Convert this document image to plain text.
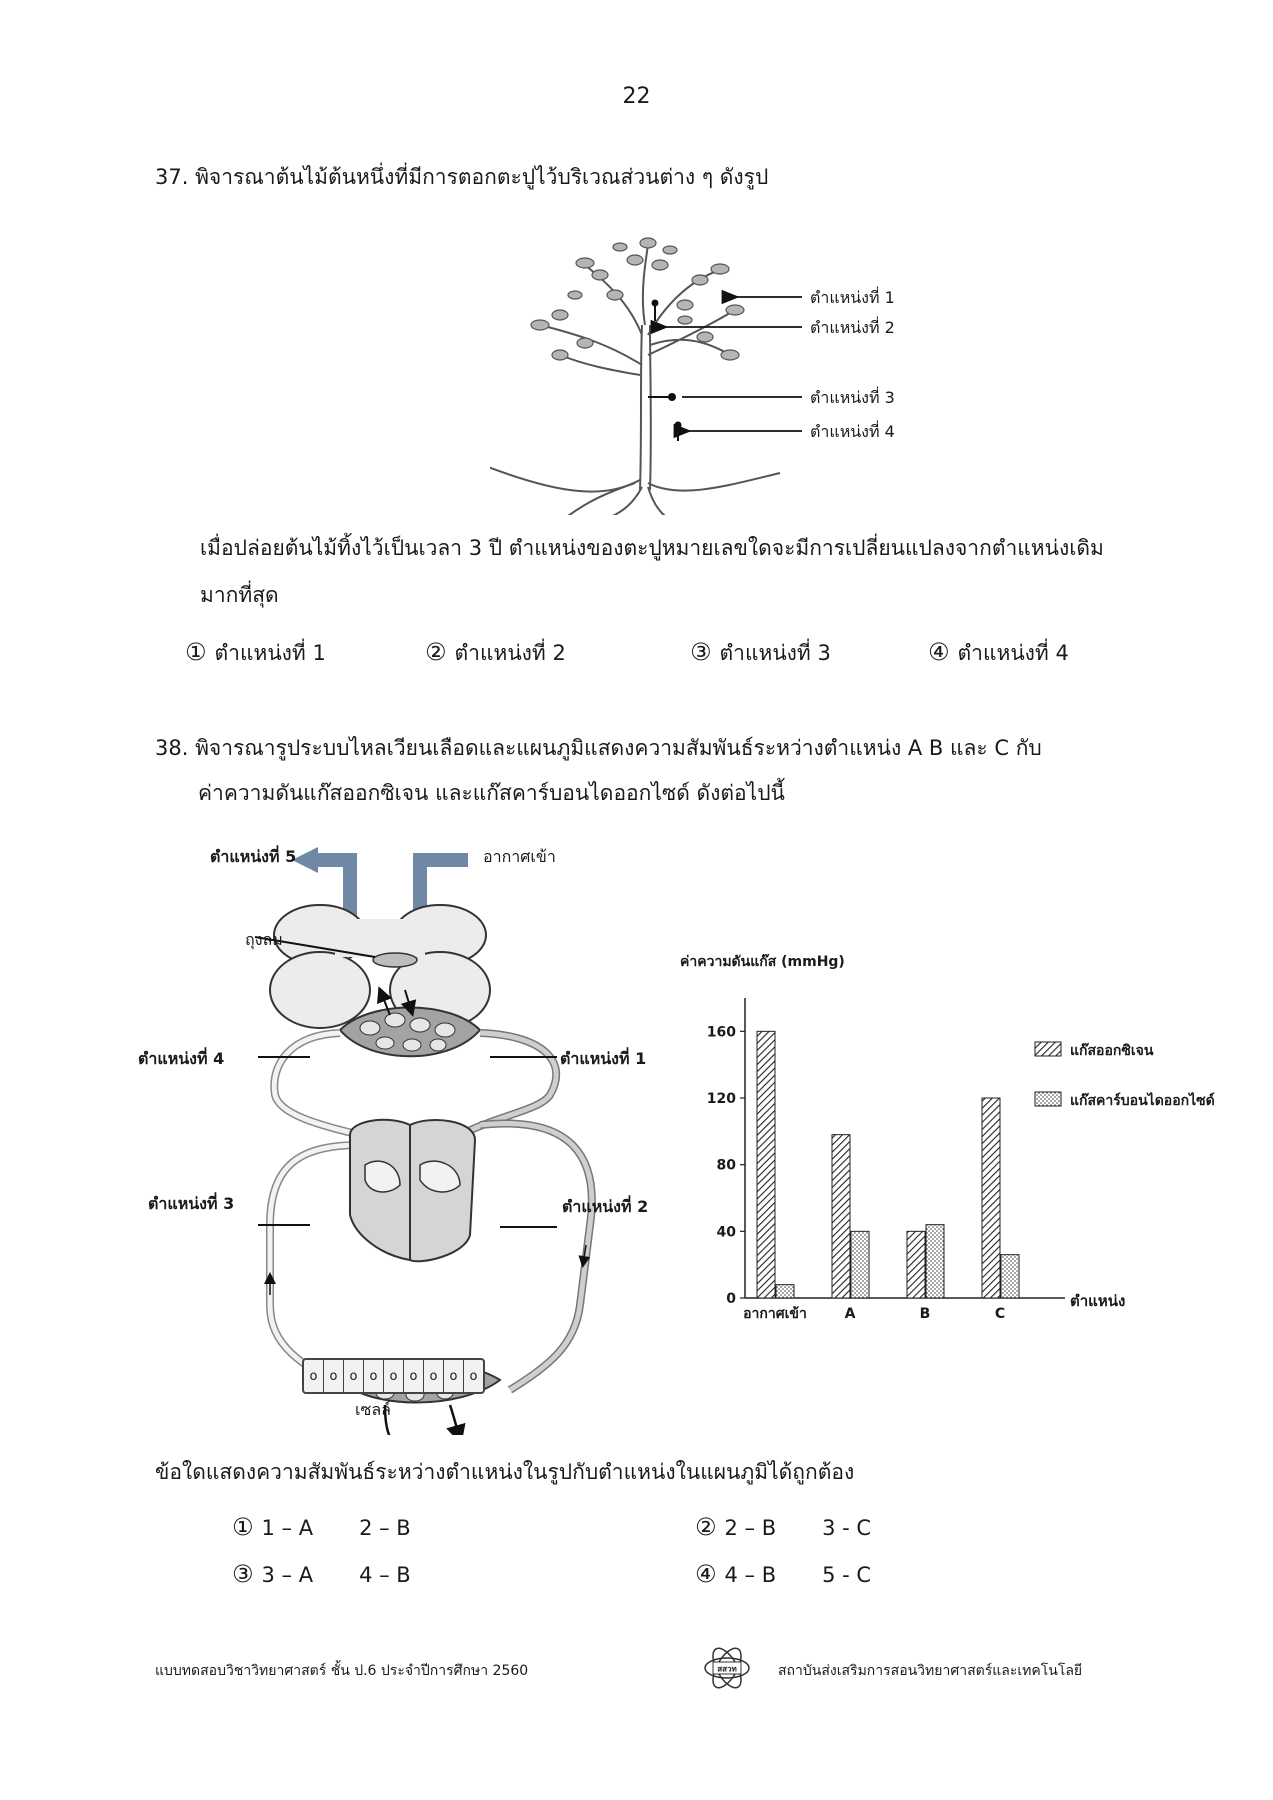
22
37. พิจารณาต้นไม้ต้นหนึ่งที่มีการตอกตะปูไว้บริเวณส่วนต่าง ๆ ดังรูป
ตำแหน่งที่ 1
ตำแหน่งที่ 2
ตำแหน่งที่ 3
ตำแหน่งที่ 4
เมื่อปล่อยต้นไม้ทิ้งไว้เป็นเวลา 3 ปี ตำแหน่งของตะปูหมายเลขใดจะมีการเปลี่ยนแปลงจากตำแหน่งเดิม
มากที่สุด
① ตำแหน่งที่ 1	② ตำแหน่งที่ 2	③ ตำแหน่งที่ 3	④ ตำแหน่งที่ 4
38. พิจารณารูประบบไหลเวียนเลือดและแผนภูมิแสดงความสัมพันธ์ระหว่างตำแหน่ง A B และ C กับ
ค่าความดันแก๊สออกซิเจน และแก๊สคาร์บอนไดออกไซด์ ดังต่อไปนี้
ตำแหน่งที่ 5	อากาศเข้า
ถุงลม
ตำแหน่งที่ 4	ตำแหน่งที่ 1
ตำแหน่งที่ 3	ตำแหน่งที่ 2
o o o o o o o o o
เซลล์
ค่าความดันแก๊ส (mmHg)
0
40
80
120
160
อากาศเข้า	A	B	C
ตำแหน่ง
แก๊สออกซิเจน
แก๊สคาร์บอนไดออกไซด์
ข้อใดแสดงความสัมพันธ์ระหว่างตำแหน่งในรูปกับตำแหน่งในแผนภูมิได้ถูกต้อง
① 1 – A 2 – B	② 2 – B 3 - C
③ 3 – A 4 – B	④ 4 – B 5 - C
แบบทดสอบวิชาวิทยาศาสตร์ ชั้น ป.6 ประจำปีการศึกษา 2560	สสวท	สถาบันส่งเสริมการสอนวิทยาศาสตร์และเทคโนโลยี
